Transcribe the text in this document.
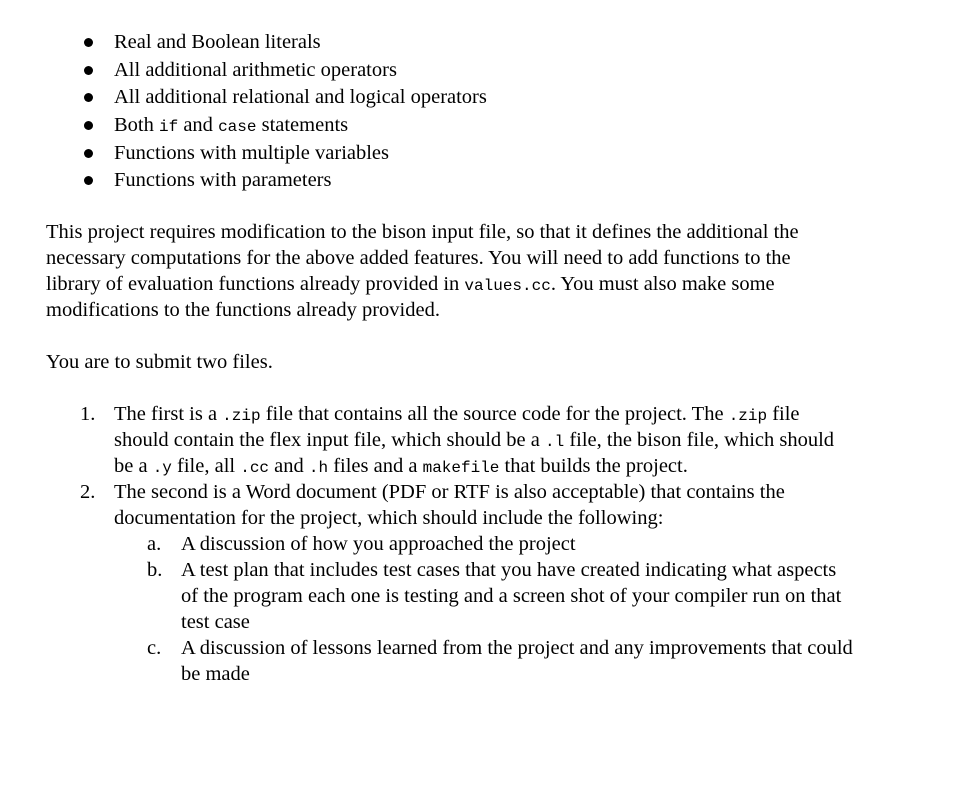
Real and Boolean literals
All additional arithmetic operators
All additional relational and logical operators
Both if and case statements
Functions with multiple variables
Functions with parameters
This project requires modification to the bison input file, so that it defines the additional the
necessary computations for the above added features. You will need to add functions to the
library of evaluation functions already provided in values.cc. You must also make some
modifications to the functions already provided.
You are to submit two files.
1. The first is a .zip file that contains all the source code for the project. The .zip file
should contain the flex input file, which should be a .l file, the bison file, which should
be a .y file, all .cc and .h files and a makefile that builds the project.
2. The second is a Word document (PDF or RTF is also acceptable) that contains the
documentation for the project, which should include the following:
a. A discussion of how you approached the project
b. A test plan that includes test cases that you have created indicating what aspects
of the program each one is testing and a screen shot of your compiler run on that
test case
c. A discussion of lessons learned from the project and any improvements that could
be made
